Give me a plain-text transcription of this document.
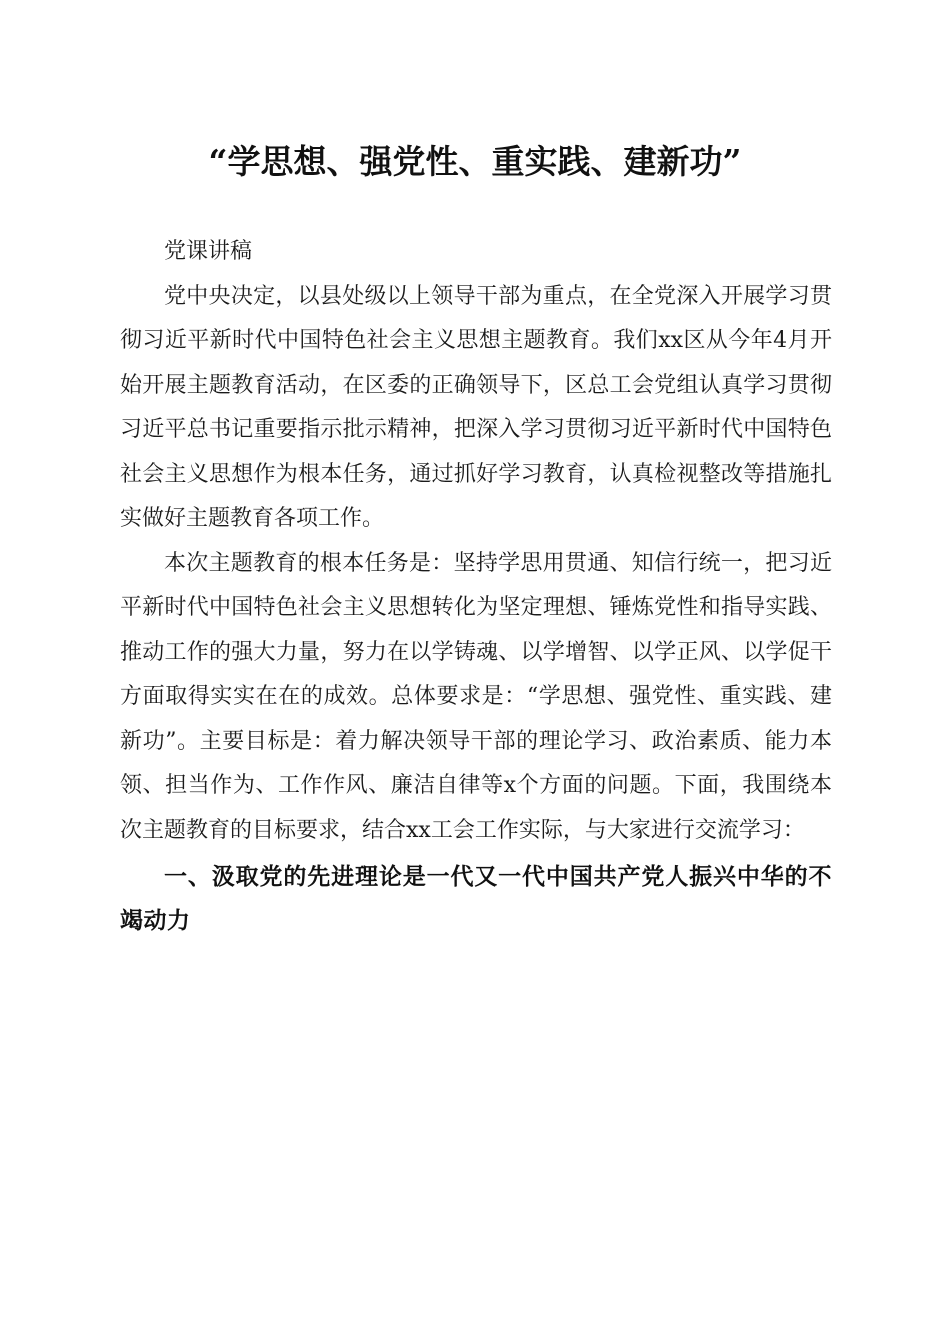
“学思想、强党性、重实践、建新功”

党课讲稿

党中央决定，以县处级以上领导干部为重点，在全党深入开展学习贯彻习近平新时代中国特色社会主义思想主题教育。我们xx区从今年4月开始开展主题教育活动，在区委的正确领导下，区总工会党组认真学习贯彻习近平总书记重要指示批示精神，把深入学习贯彻习近平新时代中国特色社会主义思想作为根本任务，通过抓好学习教育，认真检视整改等措施扎实做好主题教育各项工作。

本次主题教育的根本任务是：坚持学思用贯通、知信行统一，把习近平新时代中国特色社会主义思想转化为坚定理想、锤炼党性和指导实践、推动工作的强大力量，努力在以学铸魂、以学增智、以学正风、以学促干方面取得实实在在的成效。总体要求是：“学思想、强党性、重实践、建新功”。主要目标是：着力解决领导干部的理论学习、政治素质、能力本领、担当作为、工作作风、廉洁自律等x个方面的问题。下面，我围绕本次主题教育的目标要求，结合xx工会工作实际，与大家进行交流学习：

一、汲取党的先进理论是一代又一代中国共产党人振兴中华的不竭动力
